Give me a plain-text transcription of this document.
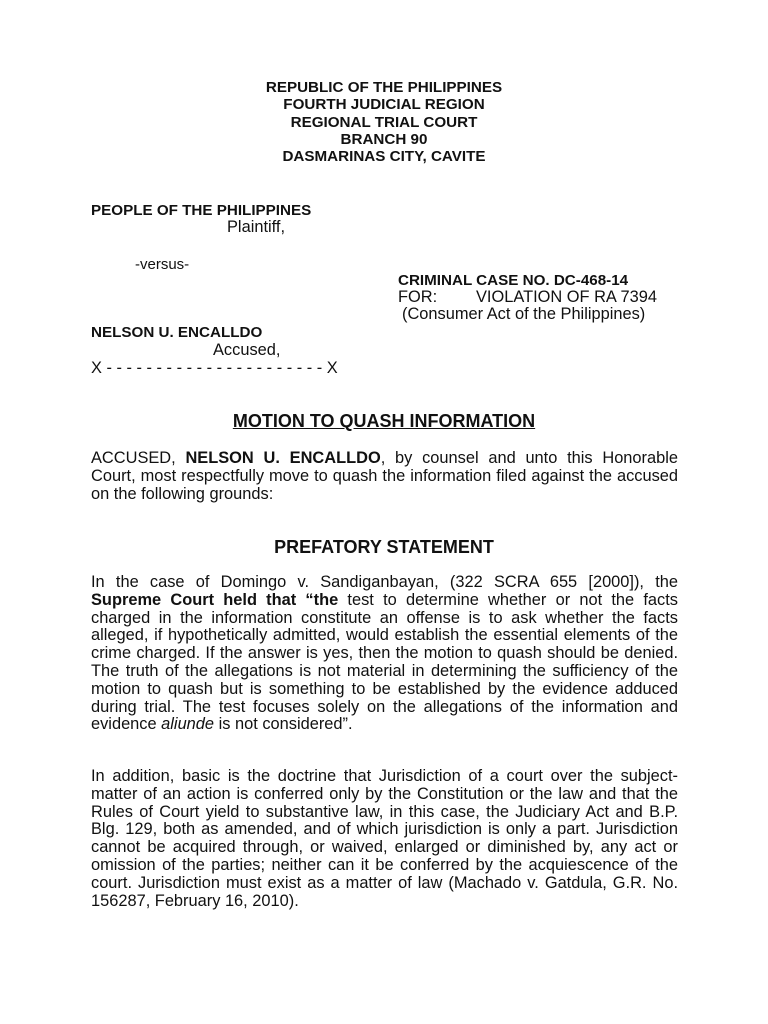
REPUBLIC OF THE PHILIPPINES
FOURTH JUDICIAL REGION
REGIONAL TRIAL COURT
BRANCH 90
DASMARINAS CITY, CAVITE
PEOPLE OF THE PHILIPPINES
Plaintiff,
-versus-
CRIMINAL CASE NO. DC-468-14
FOR: VIOLATION OF RA 7394
(Consumer Act of the Philippines)
NELSON U. ENCALLDO
Accused,
X - - - - - - - - - - - - - - - - - - - - - - X
MOTION TO QUASH INFORMATION
ACCUSED, NELSON U. ENCALLDO, by counsel and unto this Honorable Court, most respectfully move to quash the information filed against the accused on the following grounds:
PREFATORY STATEMENT
In the case of Domingo v. Sandiganbayan, (322 SCRA 655 [2000]), the Supreme Court held that “the test to determine whether or not the facts charged in the information constitute an offense is to ask whether the facts alleged, if hypothetically admitted, would establish the essential elements of the crime charged. If the answer is yes, then the motion to quash should be denied. The truth of the allegations is not material in determining the sufficiency of the motion to quash but is something to be established by the evidence adduced during trial. The test focuses solely on the allegations of the information and evidence aliunde is not considered”.
In addition, basic is the doctrine that Jurisdiction of a court over the subject-matter of an action is conferred only by the Constitution or the law and that the Rules of Court yield to substantive law, in this case, the Judiciary Act and B.P. Blg. 129, both as amended, and of which jurisdiction is only a part. Jurisdiction cannot be acquired through, or waived, enlarged or diminished by, any act or omission of the parties; neither can it be conferred by the acquiescence of the court. Jurisdiction must exist as a matter of law (Machado v. Gatdula, G.R. No. 156287, February 16, 2010).
